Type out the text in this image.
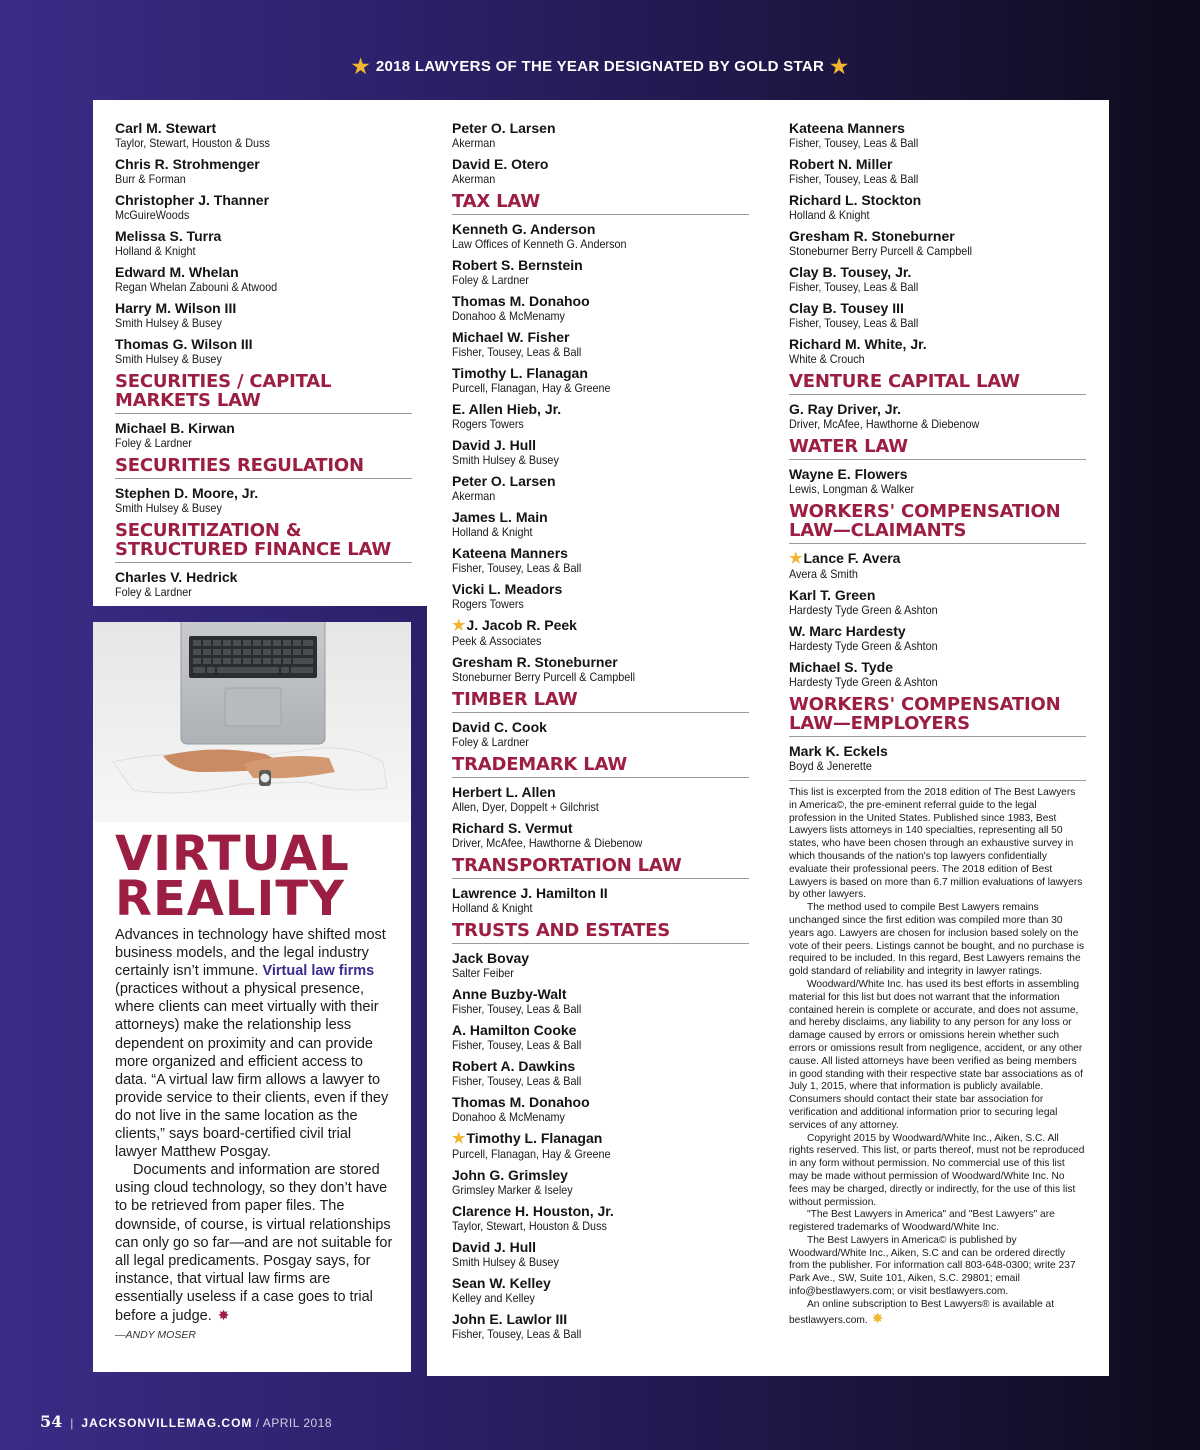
★ 2018 LAWYERS OF THE YEAR DESIGNATED BY GOLD STAR ★
Carl M. Stewart
Taylor, Stewart, Houston & Duss
Chris R. Strohmenger
Burr & Forman
Christopher J. Thanner
McGuireWoods
Melissa S. Turra
Holland & Knight
Edward M. Whelan
Regan Whelan Zabouni & Atwood
Harry M. Wilson III
Smith Hulsey & Busey
Thomas G. Wilson III
Smith Hulsey & Busey
SECURITIES / CAPITAL MARKETS LAW
Michael B. Kirwan
Foley & Lardner
SECURITIES REGULATION
Stephen D. Moore, Jr.
Smith Hulsey & Busey
SECURITIZATION & STRUCTURED FINANCE LAW
Charles V. Hedrick
Foley & Lardner
Peter O. Larsen
Akerman
David E. Otero
Akerman
TAX LAW
Kenneth G. Anderson
Law Offices of Kenneth G. Anderson
Robert S. Bernstein
Foley & Lardner
Thomas M. Donahoo
Donahoo & McMenamy
Michael W. Fisher
Fisher, Tousey, Leas & Ball
Timothy L. Flanagan
Purcell, Flanagan, Hay & Greene
E. Allen Hieb, Jr.
Rogers Towers
David J. Hull
Smith Hulsey & Busey
Peter O. Larsen
Akerman
James L. Main
Holland & Knight
Kateena Manners
Fisher, Tousey, Leas & Ball
Vicki L. Meadors
Rogers Towers
★J. Jacob R. Peek
Peek & Associates
Gresham R. Stoneburner
Stoneburner Berry Purcell & Campbell
TIMBER LAW
David C. Cook
Foley & Lardner
TRADEMARK LAW
Herbert L. Allen
Allen, Dyer, Doppelt + Gilchrist
Richard S. Vermut
Driver, McAfee, Hawthorne & Diebenow
TRANSPORTATION LAW
Lawrence J. Hamilton II
Holland & Knight
TRUSTS AND ESTATES
Jack Bovay
Salter Feiber
Anne Buzby-Walt
Fisher, Tousey, Leas & Ball
A. Hamilton Cooke
Fisher, Tousey, Leas & Ball
Robert A. Dawkins
Fisher, Tousey, Leas & Ball
Thomas M. Donahoo
Donahoo & McMenamy
★Timothy L. Flanagan
Purcell, Flanagan, Hay & Greene
John G. Grimsley
Grimsley Marker & Iseley
Clarence H. Houston, Jr.
Taylor, Stewart, Houston & Duss
David J. Hull
Smith Hulsey & Busey
Sean W. Kelley
Kelley and Kelley
John E. Lawlor III
Fisher, Tousey, Leas & Ball
Kateena Manners
Fisher, Tousey, Leas & Ball
Robert N. Miller
Fisher, Tousey, Leas & Ball
Richard L. Stockton
Holland & Knight
Gresham R. Stoneburner
Stoneburner Berry Purcell & Campbell
Clay B. Tousey, Jr.
Fisher, Tousey, Leas & Ball
Clay B. Tousey III
Fisher, Tousey, Leas & Ball
Richard M. White, Jr.
White & Crouch
VENTURE CAPITAL LAW
G. Ray Driver, Jr.
Driver, McAfee, Hawthorne & Diebenow
WATER LAW
Wayne E. Flowers
Lewis, Longman & Walker
WORKERS' COMPENSATION LAW—CLAIMANTS
★Lance F. Avera
Avera & Smith
Karl T. Green
Hardesty Tyde Green & Ashton
W. Marc Hardesty
Hardesty Tyde Green & Ashton
Michael S. Tyde
Hardesty Tyde Green & Ashton
WORKERS' COMPENSATION LAW—EMPLOYERS
Mark K. Eckels
Boyd & Jenerette

This list is excerpted from the 2018 edition of The Best Lawyers in America©, the pre-eminent referral guide to the legal profession in the United States. Published since 1983, Best Lawyers lists attorneys in 140 specialties, representing all 50 states, who have been chosen through an exhaustive survey in which thousands of the nation's top lawyers confidentially evaluate their professional peers. The 2018 edition of Best Lawyers is based on more than 6.7 million evaluations of lawyers by other lawyers.

The method used to compile Best Lawyers remains unchanged since the first edition was compiled more than 30 years ago. Lawyers are chosen for inclusion based solely on the vote of their peers. Listings cannot be bought, and no purchase is required to be included. In this regard, Best Lawyers remains the gold standard of reliability and integrity in lawyer ratings.

Woodward/White Inc. has used its best efforts in assembling material for this list but does not warrant that the information contained herein is complete or accurate, and does not assume, and hereby disclaims, any liability to any person for any loss or damage caused by errors or omissions herein whether such errors or omissions result from negligence, accident, or any other cause. All listed attorneys have been verified as being members in good standing with their respective state bar associations as of July 1, 2015, where that information is publicly available. Consumers should contact their state bar association for verification and additional information prior to securing legal services of any attorney.

Copyright 2015 by Woodward/White Inc., Aiken, S.C. All rights reserved. This list, or parts thereof, must not be reproduced in any form without permission. No commercial use of this list may be made without permission of Woodward/White Inc. No fees may be charged, directly or indirectly, for the use of this list without permission.

"The Best Lawyers in America" and "Best Lawyers" are registered trademarks of Woodward/White Inc.

The Best Lawyers in America© is published by Woodward/White Inc., Aiken, S.C and can be ordered directly from the publisher. For information call 803-648-0300; write 237 Park Ave., SW, Suite 101, Aiken, S.C. 29801; email info@bestlawyers.com; or visit bestlawyers.com.

An online subscription to Best Lawyers® is available at bestlawyers.com. ✸

VIRTUAL
REALITY

Advances in technology have shifted most business models, and the legal industry certainly isn’t immune. Virtual law firms (practices without a physical presence, where clients can meet virtually with their attorneys) make the relationship less dependent on proximity and can provide more organized and efficient access to data. “A virtual law firm allows a lawyer to provide service to their clients, even if they do not live in the same location as the clients,” says board-certified civil trial lawyer Matthew Posgay.

Documents and information are stored using cloud technology, so they don’t have to be retrieved from paper files. The downside, of course, is virtual relationships can only go so far—and are not suitable for all legal predicaments. Posgay says, for instance, that virtual law firms are essentially useless if a case goes to trial before a judge. ✸

—ANDY MOSER
54 | JACKSONVILLEMAG.COM / APRIL 2018
